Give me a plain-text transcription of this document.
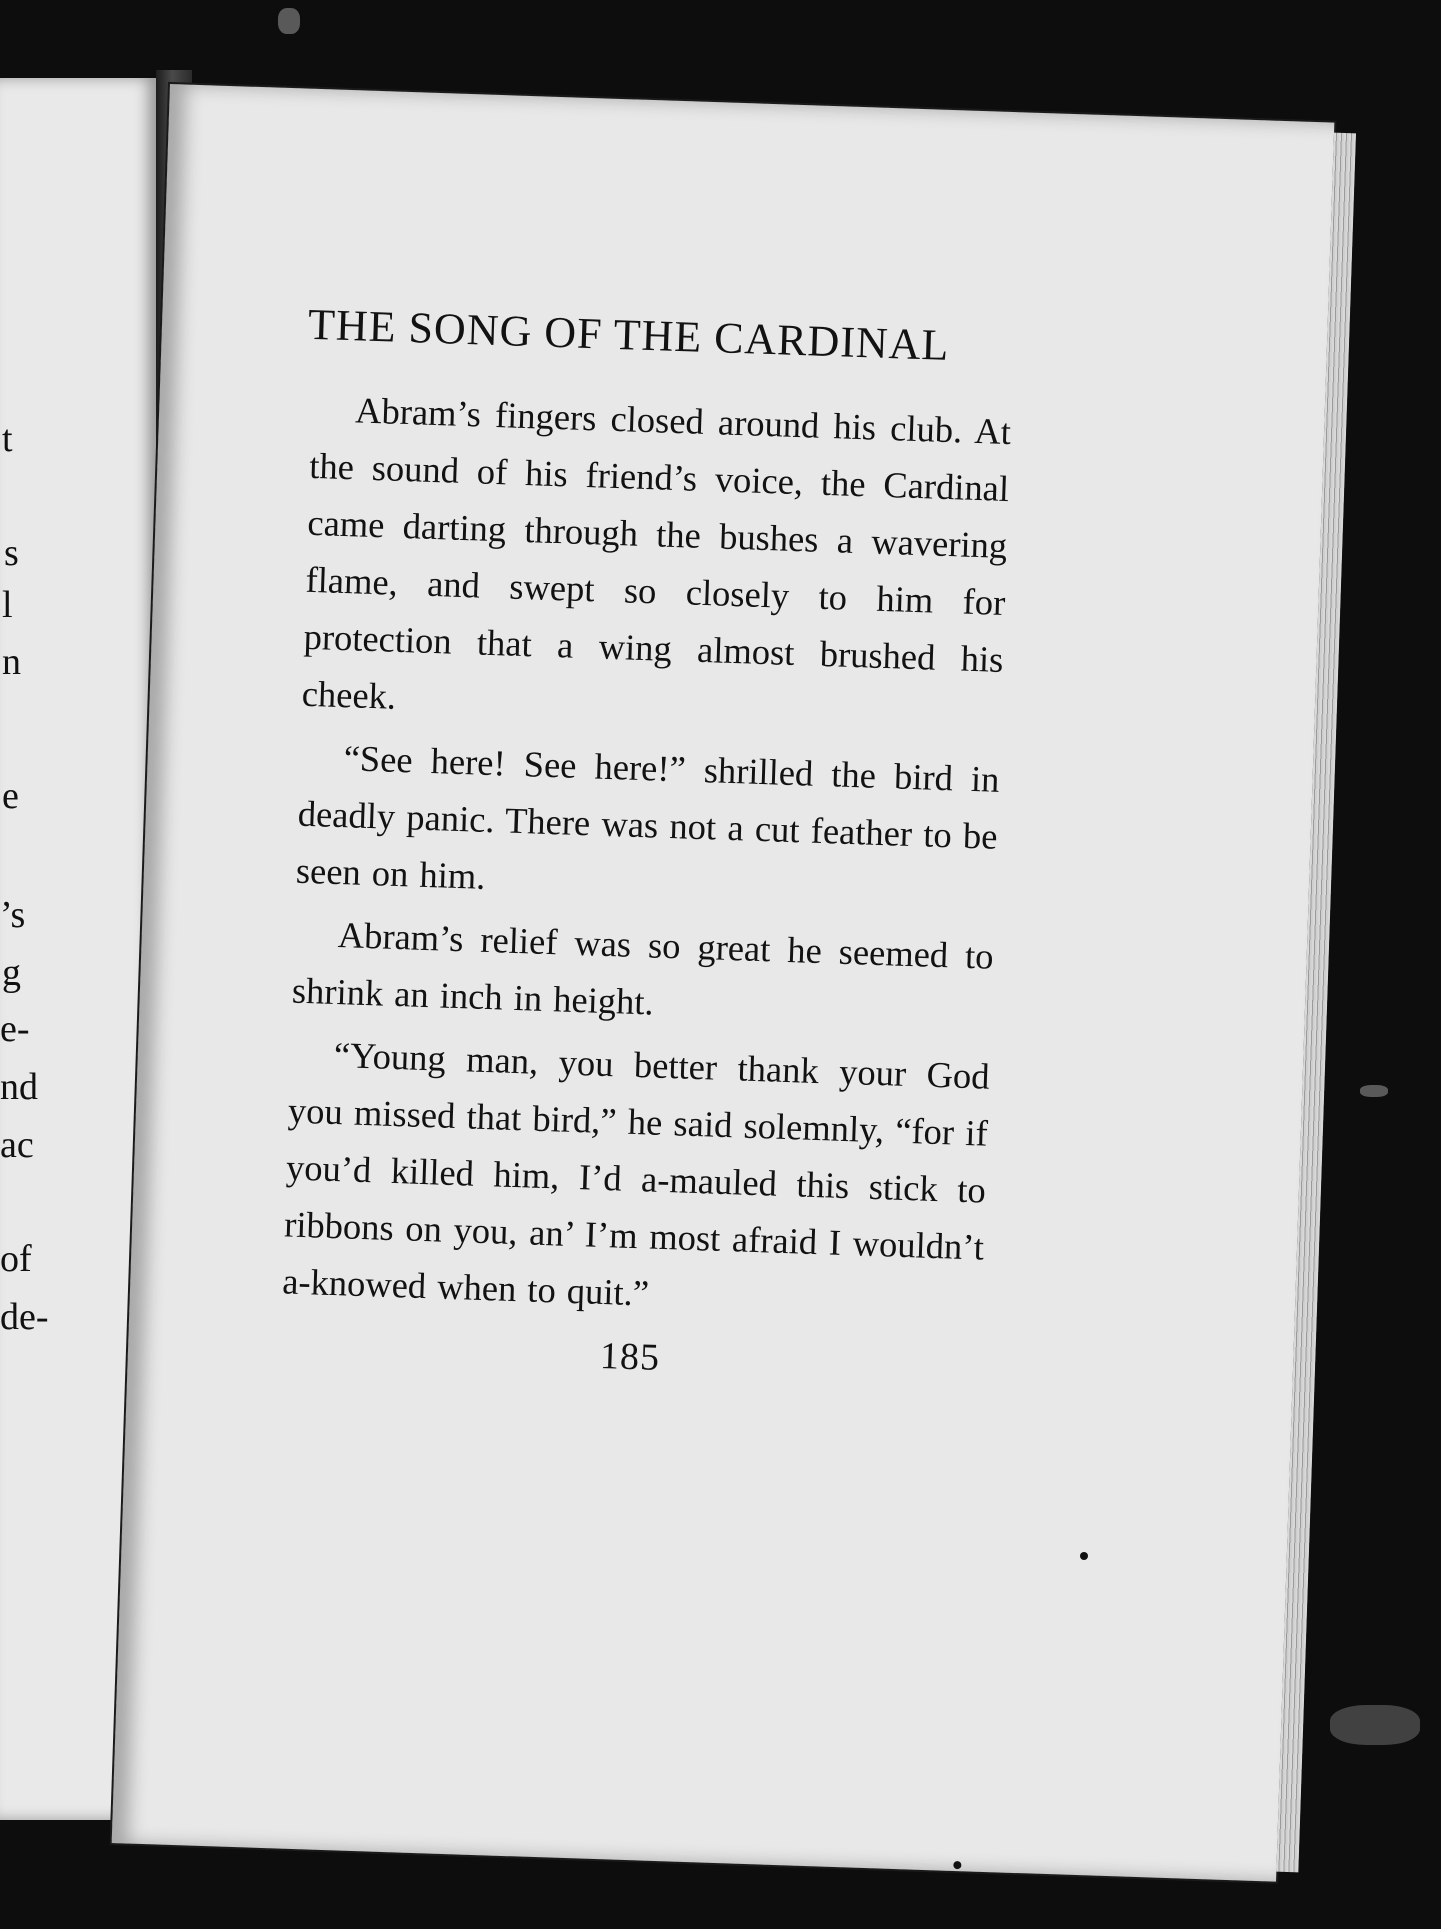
t
s
l
n
e
’s
g
e-
nd
ac
of
de-
THE SONG OF THE CARDINAL

Abram’s fingers closed around his club. At the sound of his friend’s voice, the Cardinal came darting through the bushes a wavering flame, and swept so closely to him for protection that a wing almost brushed his cheek.

“See here! See here!” shrilled the bird in deadly panic. There was not a cut feather to be seen on him.

Abram’s relief was so great he seemed to shrink an inch in height.

“Young man, you better thank your God you missed that bird,” he said solemnly, “for if you’d killed him, I’d a-mauled this stick to ribbons on you, an’ I’m most afraid I wouldn’t a-knowed when to quit.”

185
